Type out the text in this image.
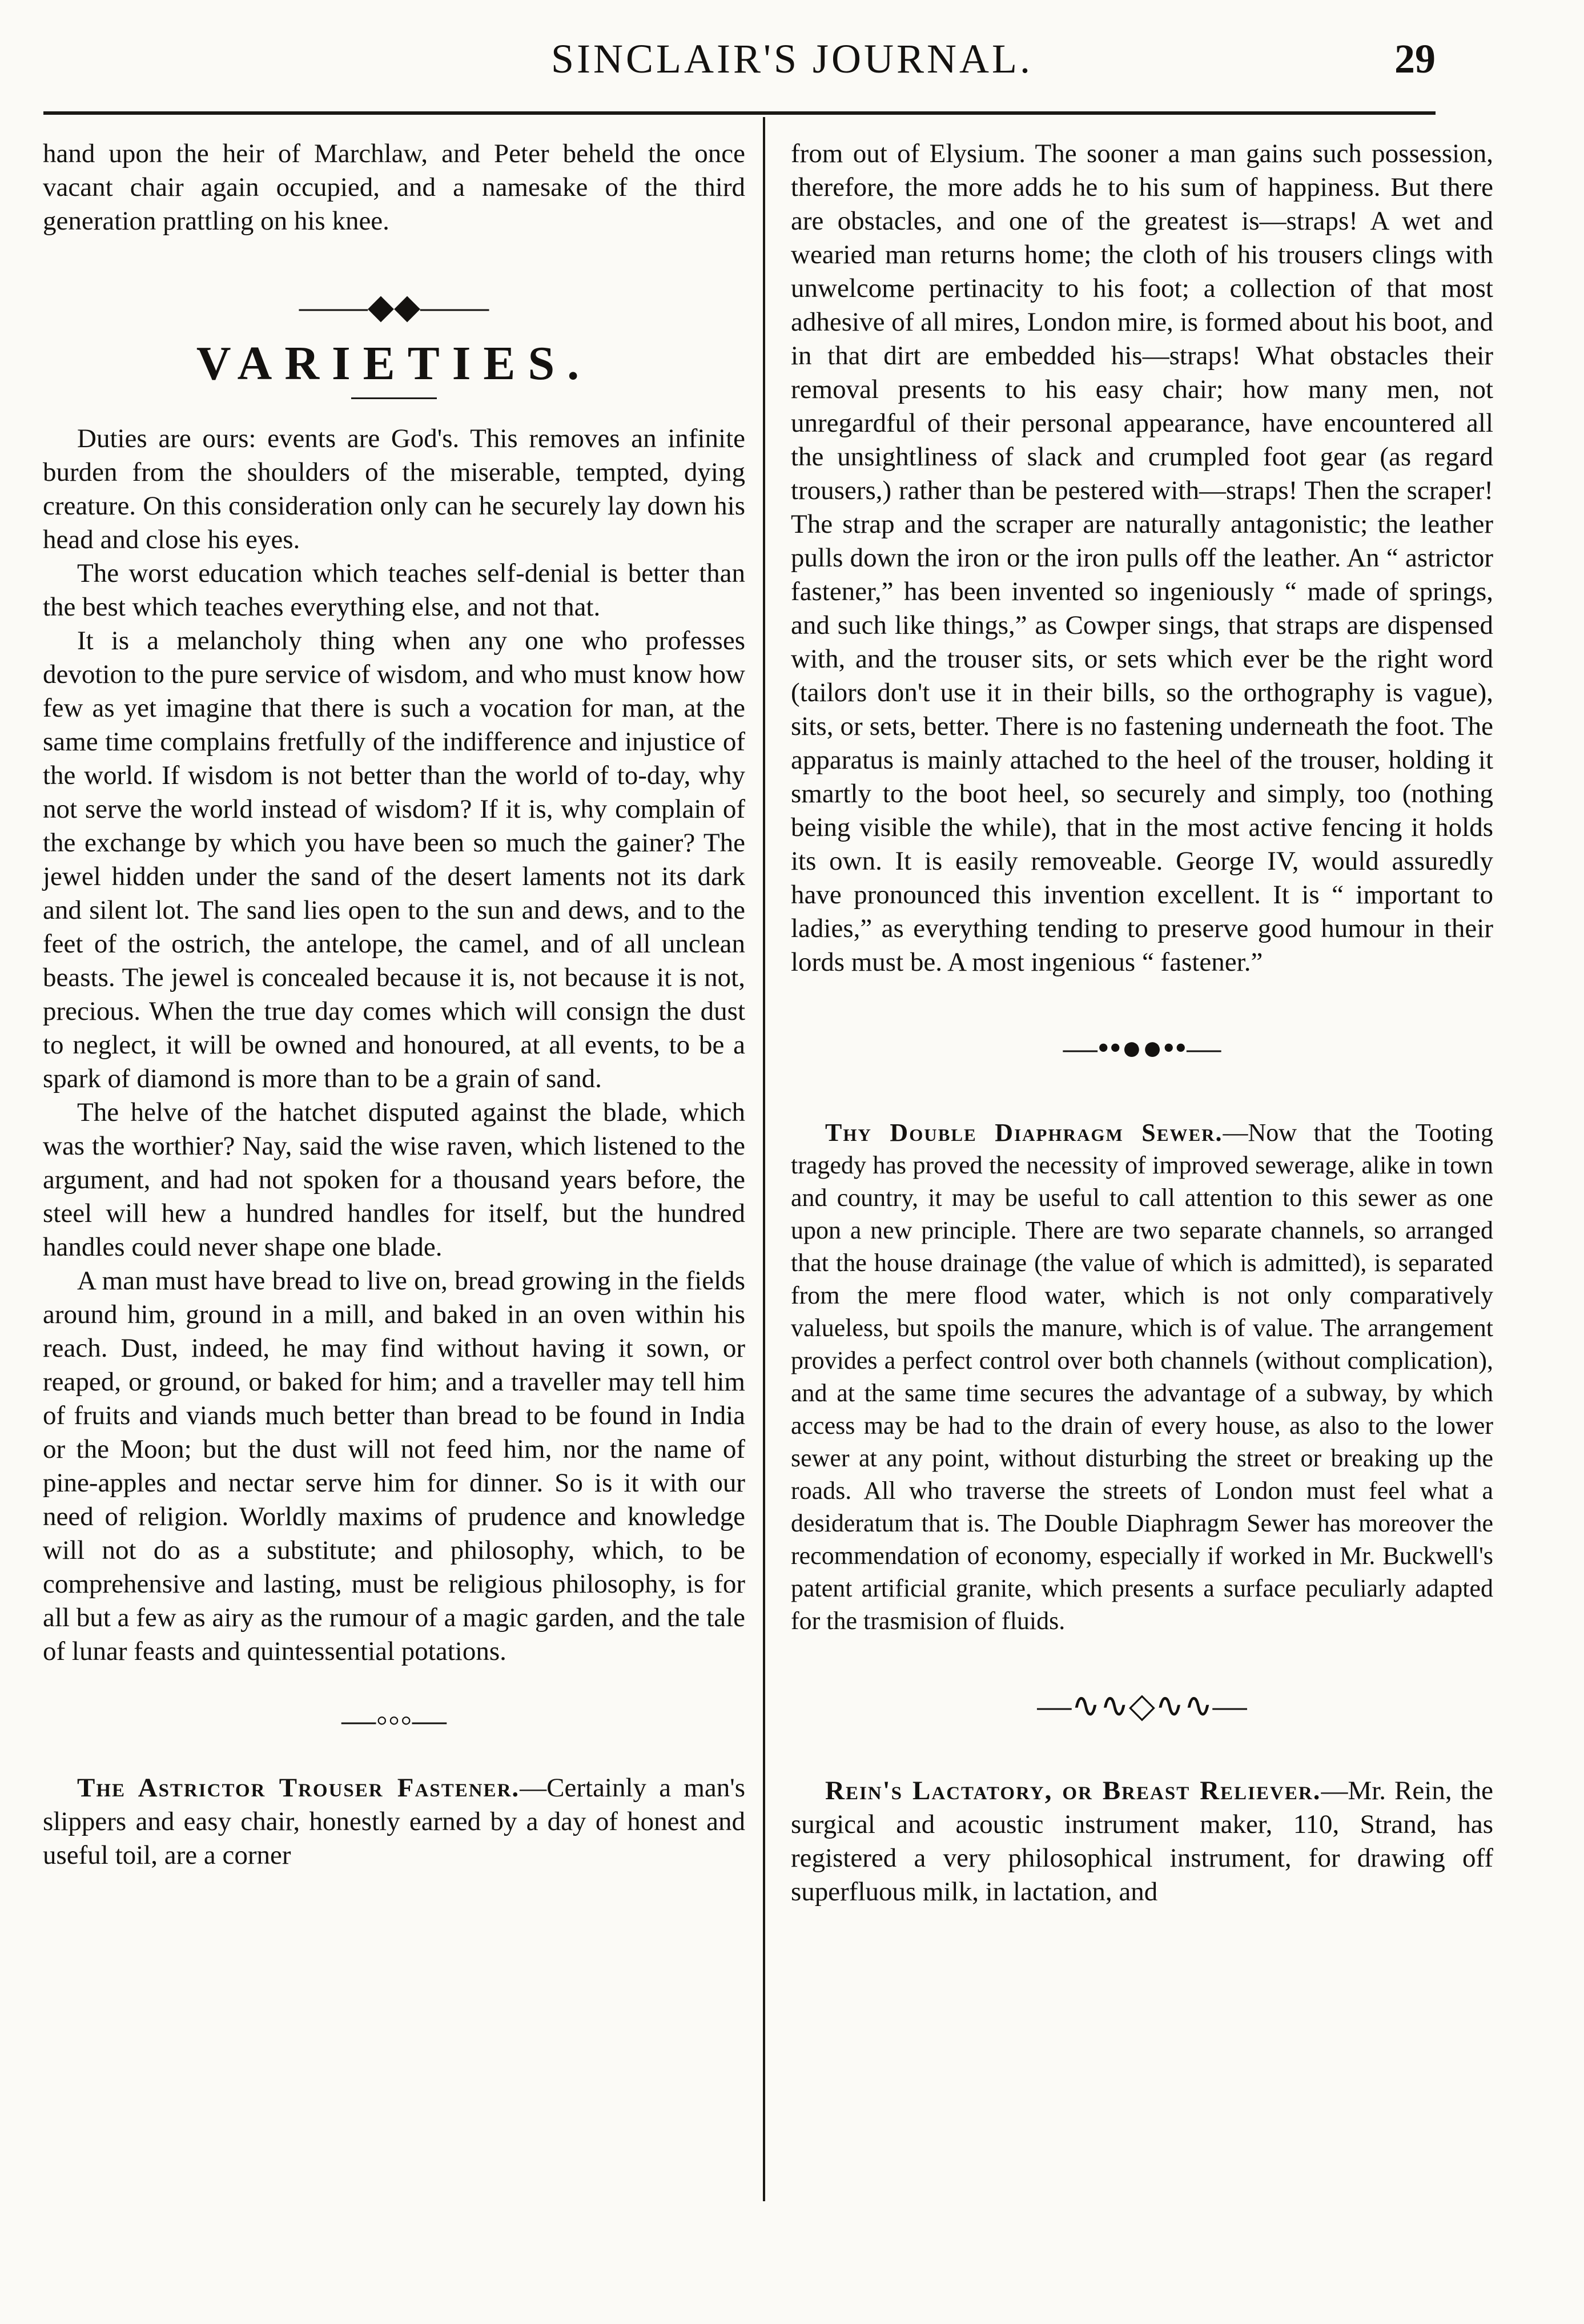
SINCLAIR'S JOURNAL.	29

hand upon the heir of Marchlaw, and Peter beheld the once vacant chair again occupied, and a namesake of the third generation prattling on his knee.

——◆◆——
VARIETIES.

Duties are ours: events are God's. This removes an infinite burden from the shoulders of the miserable, tempted, dying creature. On this consideration only can he securely lay down his head and close his eyes.

The worst education which teaches self-denial is better than the best which teaches everything else, and not that.

It is a melancholy thing when any one who professes devotion to the pure service of wisdom, and who must know how few as yet imagine that there is such a vocation for man, at the same time complains fretfully of the indifference and injustice of the world. If wisdom is not better than the world of to-day, why not serve the world instead of wisdom? If it is, why complain of the exchange by which you have been so much the gainer? The jewel hidden under the sand of the desert laments not its dark and silent lot. The sand lies open to the sun and dews, and to the feet of the ostrich, the antelope, the camel, and of all unclean beasts. The jewel is concealed because it is, not because it is not, precious. When the true day comes which will consign the dust to neglect, it will be owned and honoured, at all events, to be a spark of diamond is more than to be a grain of sand.

The helve of the hatchet disputed against the blade, which was the worthier? Nay, said the wise raven, which listened to the argument, and had not spoken for a thousand years before, the steel will hew a hundred handles for itself, but the hundred handles could never shape one blade.

A man must have bread to live on, bread growing in the fields around him, ground in a mill, and baked in an oven within his reach. Dust, indeed, he may find without having it sown, or reaped, or ground, or baked for him; and a traveller may tell him of fruits and viands much better than bread to be found in India or the Moon; but the dust will not feed him, nor the name of pine-apples and nectar serve him for dinner. So is it with our need of religion. Worldly maxims of prudence and knowledge will not do as a substitute; and philosophy, which, to be comprehensive and lasting, must be religious philosophy, is for all but a few as airy as the rumour of a magic garden, and the tale of lunar feasts and quintessential potations.

—◦◦◦—

The Astrictor Trouser Fastener.—Certainly a man's slippers and easy chair, honestly earned by a day of honest and useful toil, are a corner

from out of Elysium. The sooner a man gains such possession, therefore, the more adds he to his sum of happiness. But there are obstacles, and one of the greatest is—straps! A wet and wearied man returns home; the cloth of his trousers clings with unwelcome pertinacity to his foot; a collection of that most adhesive of all mires, London mire, is formed about his boot, and in that dirt are embedded his—straps! What obstacles their removal presents to his easy chair; how many men, not unregardful of their personal appearance, have encountered all the unsightliness of slack and crumpled foot gear (as regard trousers,) rather than be pestered with—straps! Then the scraper! The strap and the scraper are naturally antagonistic; the leather pulls down the iron or the iron pulls off the leather. An “ astrictor fastener,” has been invented so ingeniously “ made of springs, and such like things,” as Cowper sings, that straps are dispensed with, and the trouser sits, or sets which ever be the right word (tailors don't use it in their bills, so the orthography is vague), sits, or sets, better. There is no fastening underneath the foot. The apparatus is mainly attached to the heel of the trouser, holding it smartly to the boot heel, so securely and simply, too (nothing being visible the while), that in the most active fencing it holds its own. It is easily removeable. George IV, would assuredly have pronounced this invention excellent. It is “ important to ladies,” as everything tending to preserve good humour in their lords must be. A most ingenious “ fastener.”

—••●●••—

Thy Double Diaphragm Sewer.—Now that the Tooting tragedy has proved the necessity of improved sewerage, alike in town and country, it may be useful to call attention to this sewer as one upon a new principle. There are two separate channels, so arranged that the house drainage (the value of which is admitted), is separated from the mere flood water, which is not only comparatively valueless, but spoils the manure, which is of value. The arrangement provides a perfect control over both channels (without complication), and at the same time secures the advantage of a subway, by which access may be had to the drain of every house, as also to the lower sewer at any point, without disturbing the street or breaking up the roads. All who traverse the streets of London must feel what a desideratum that is. The Double Diaphragm Sewer has moreover the recommendation of economy, especially if worked in Mr. Buckwell's patent artificial granite, which presents a surface peculiarly adapted for the trasmision of fluids.

—∿∿◇∿∿—

Rein's Lactatory, or Breast Reliever.—Mr. Rein, the surgical and acoustic instrument maker, 110, Strand, has registered a very philosophical instrument, for drawing off superfluous milk, in lactation, and
